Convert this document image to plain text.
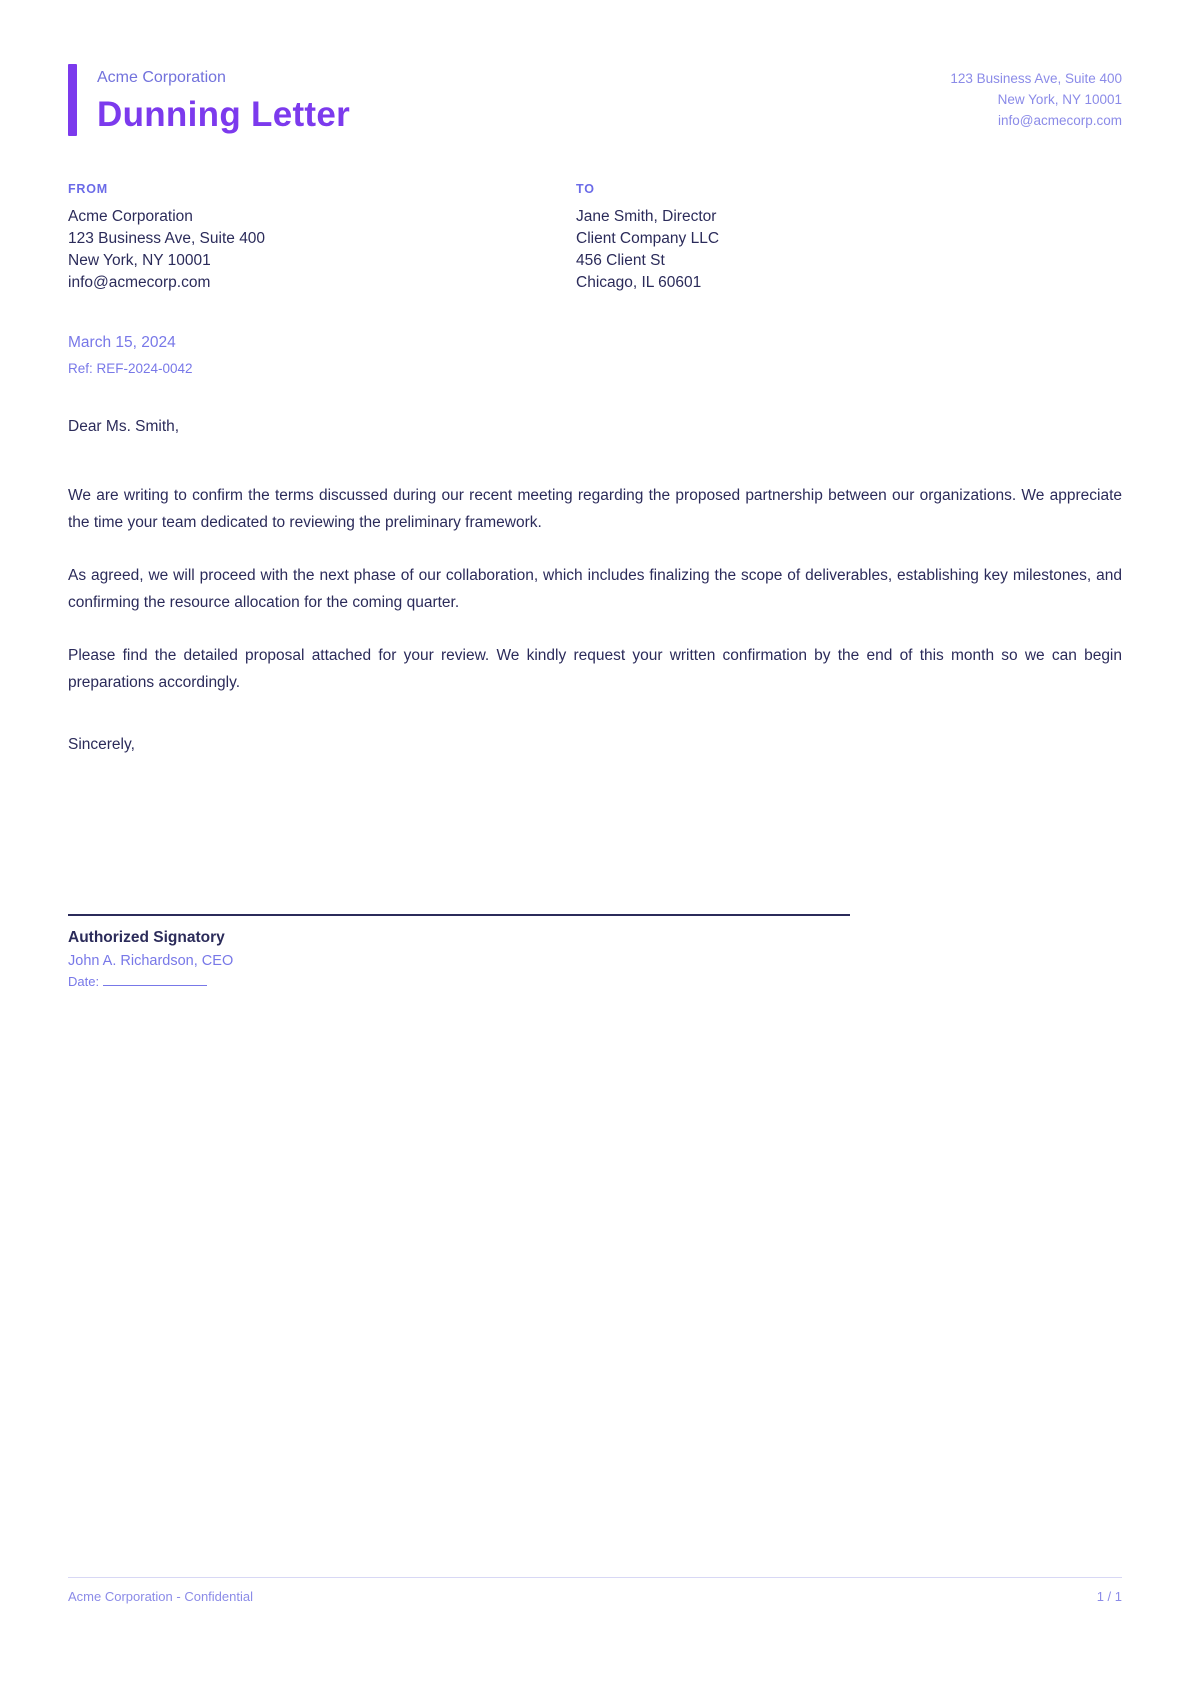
Acme Corporation
Dunning Letter
123 Business Ave, Suite 400
New York, NY 10001
info@acmecorp.com
FROM
Acme Corporation
123 Business Ave, Suite 400
New York, NY 10001
info@acmecorp.com
TO
Jane Smith, Director
Client Company LLC
456 Client St
Chicago, IL 60601
March 15, 2024
Ref: REF-2024-0042
Dear Ms. Smith,

We are writing to confirm the terms discussed during our recent meeting regarding the proposed partnership between our organizations. We appreciate the time your team dedicated to reviewing the preliminary framework.

As agreed, we will proceed with the next phase of our collaboration, which includes finalizing the scope of deliverables, establishing key milestones, and confirming the resource allocation for the coming quarter.

Please find the detailed proposal attached for your review. We kindly request your written confirmation by the end of this month so we can begin preparations accordingly.

Sincerely,
Authorized Signatory
John A. Richardson, CEO
Date:
Acme Corporation - Confidential	1 / 1
